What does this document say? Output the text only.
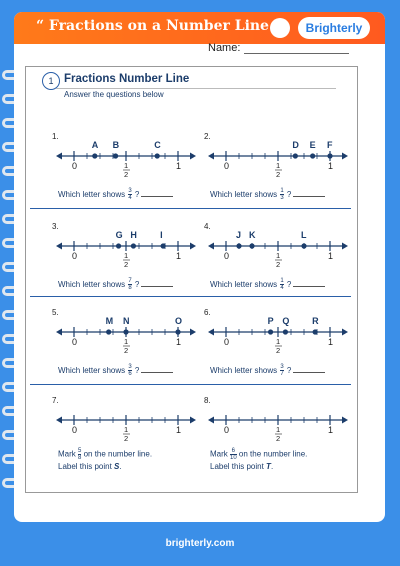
“ Fractions on a Number Line	Brighterly
Name:
1 Fractions Number Line
Answer the questions below
1.
0	1
1
2
A B	C
Which letter shows $\frac{3}{4}$ ?
2.
0	1
1
2
D E F
Which letter shows $\frac{1}{3}$ ?
3.
0	1
1
2
G H	I
Which letter shows $\frac{7}{8}$ ?
4.
0	1
1
2
J K	L
Which letter shows $\frac{1}{4}$ ?
5.
0	1
1
2
M N	O
Which letter shows $\frac{3}{6}$ ?
6.
0	1
1
2
P Q	R
Which letter shows $\frac{3}{7}$ ?
7.
0	1
1
2
Mark $\frac{5}{8}$ on the number line.
Label this point S.
8.
0	1
1
2
Mark $\frac{6}{10}$ on the number line.
Label this point T.
brighterly.com
